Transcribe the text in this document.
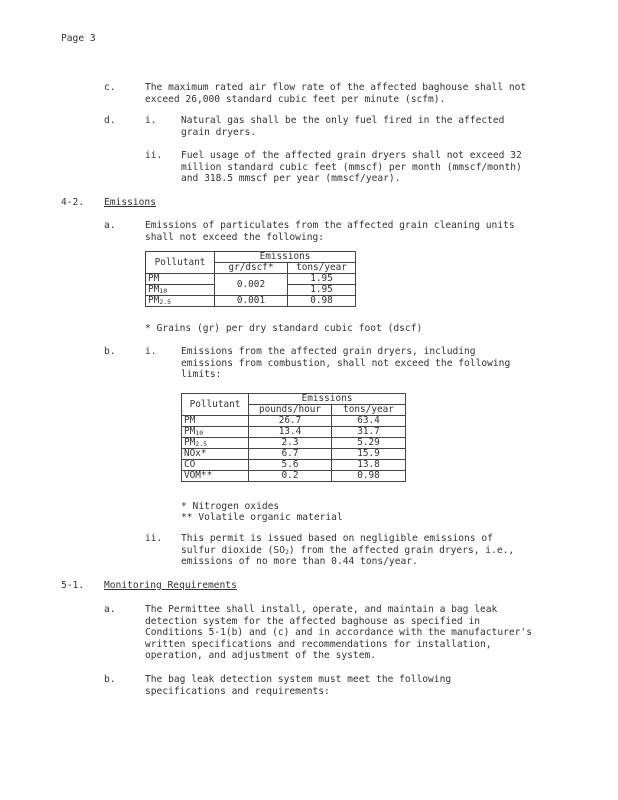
Page 3
c.	The maximum rated air flow rate of the affected baghouse shall not exceed 26,000 standard cubic feet per minute (scfm).
d.	i.	Natural gas shall be the only fuel fired in the affected grain dryers.
ii. Fuel usage of the affected grain dryers shall not exceed 32 million standard cubic feet (mmscf) per month (mmscf/month) and 318.5 mmscf per year (mmscf/year).
4-2. Emissions
a.	Emissions of particulates from the affected grain cleaning units shall not exceed the following:
Pollutant	Emissions	
	gr/dscf*	tons/year
PM	0.002	1.95
$PM_{10}$		1.95
$PM_{2.5}$	0.001	0.98
* Grains (gr) per dry standard cubic foot (dscf)
b.	i.	Emissions from the affected grain dryers, including emissions from combustion, shall not exceed the following limits:
Pollutant	Emissions	
	pounds/hour	tons/year
PM	26.7	63.4
$PM_{10}$	13.4	31.7
$PM_{2.5}$	2.3	5.29
NOx*	6.7	15.9
CO	5.6	13.8
VOM**	0.2	0.98
* Nitrogen oxides
** Volatile organic material
ii. This permit is issued based on negligible emissions of sulfur dioxide $(SO_2)$ from the affected grain dryers, i.e., emissions of no more than 0.44 tons/year.
5-1. Monitoring Requirements
a.	The Permittee shall install, operate, and maintain a bag leak detection system for the affected baghouse as specified in Conditions 5-1(b) and (c) and in accordance with the manufacturer's written specifications and recommendations for installation, operation, and adjustment of the system.
b.	The bag leak detection system must meet the following specifications and requirements:
